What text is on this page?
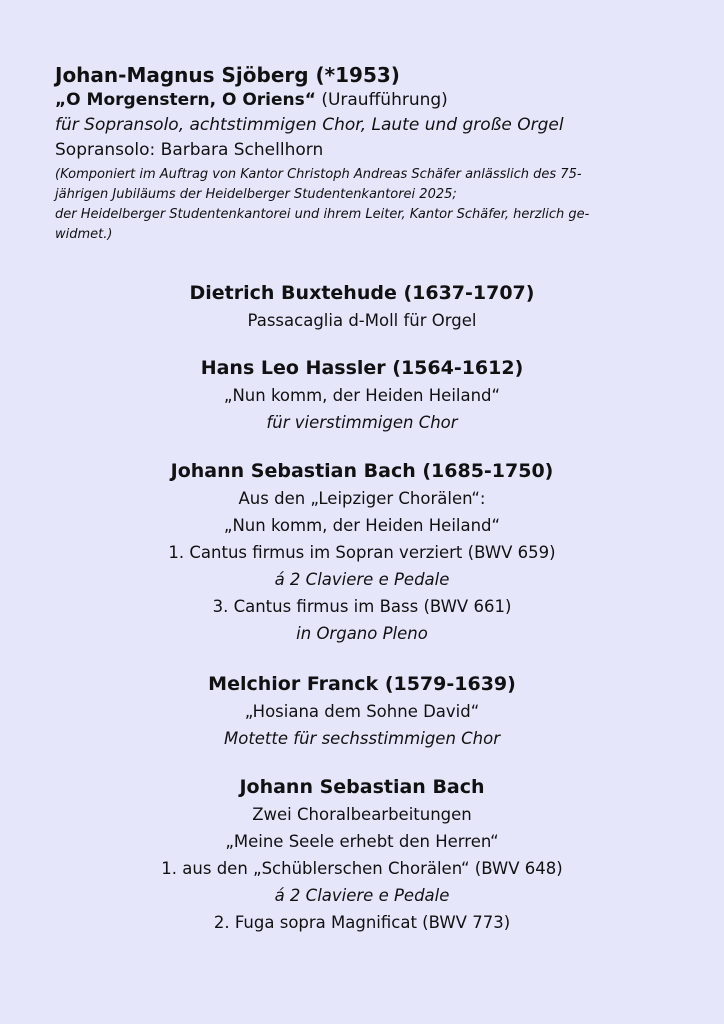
Johan-Magnus Sjöberg (*1953)

„O Morgenstern, O Oriens“ (Uraufführung)

für Sopransolo, achtstimmigen Chor, Laute und große Orgel

Sopransolo: Barbara Schellhorn

(Komponiert im Auftrag von Kantor Christoph Andreas Schäfer anlässlich des 75-
jährigen Jubiläums der Heidelberger Studentenkantorei 2025;
der Heidelberger Studentenkantorei und ihrem Leiter, Kantor Schäfer, herzlich ge-
widmet.)

Dietrich Buxtehude (1637-1707)

Passacaglia d-Moll für Orgel

Hans Leo Hassler (1564-1612)

„Nun komm, der Heiden Heiland“

für vierstimmigen Chor

Johann Sebastian Bach (1685-1750)

Aus den „Leipziger Chorälen“:

„Nun komm, der Heiden Heiland“

1. Cantus firmus im Sopran verziert (BWV 659)

á 2 Claviere e Pedale

3. Cantus firmus im Bass (BWV 661)

in Organo Pleno

Melchior Franck (1579-1639)

„Hosiana dem Sohne David“

Motette für sechsstimmigen Chor

Johann Sebastian Bach

Zwei Choralbearbeitungen

„Meine Seele erhebt den Herren“

1. aus den „Schüblerschen Chorälen“ (BWV 648)

á 2 Claviere e Pedale

2. Fuga sopra Magnificat (BWV 773)
